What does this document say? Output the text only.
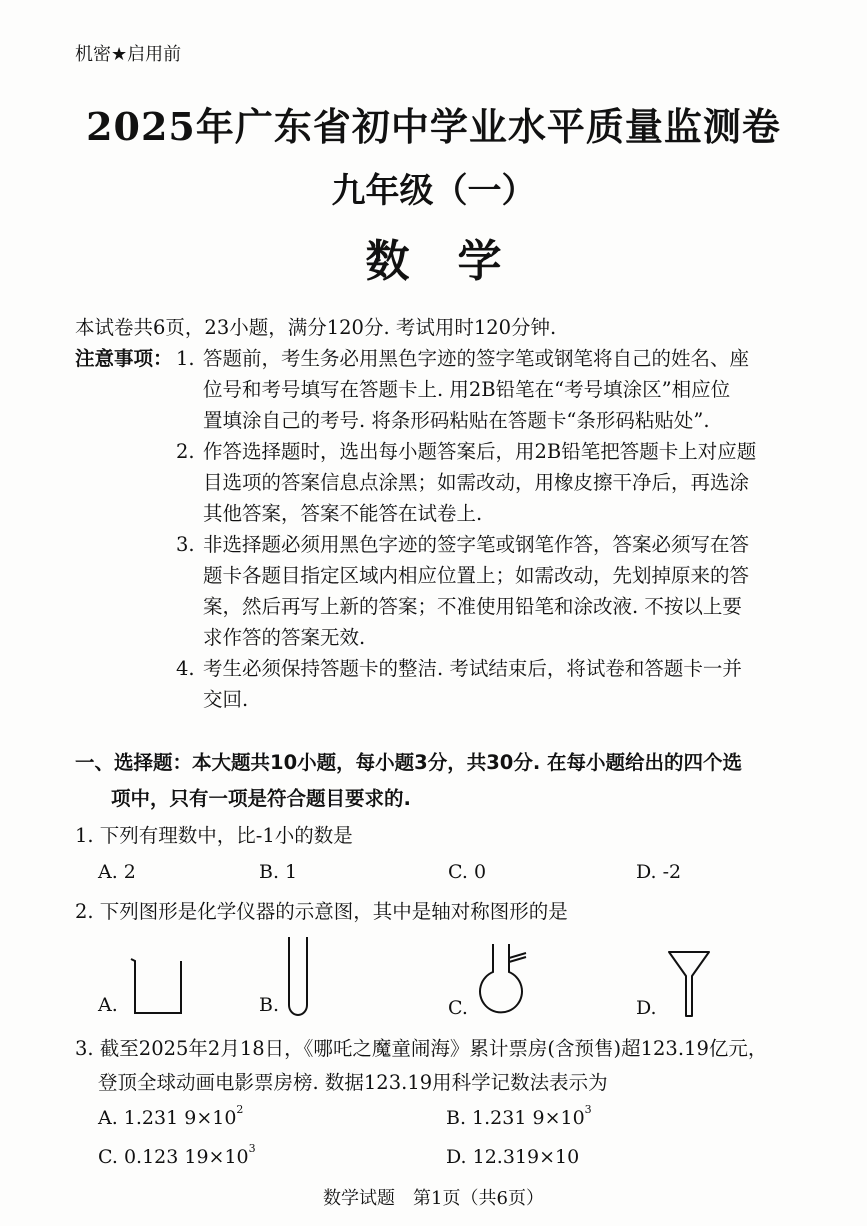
机密★启用前
2025年广东省初中学业水平质量监测卷
九年级（一）
数学
本试卷共6页，23小题，满分120分. 考试用时120分钟.
注意事项： 1. 答题前，考生务必用黑色字迹的签字笔或钢笔将自己的姓名、座
位号和考号填写在答题卡上. 用2B铅笔在“考号填涂区”相应位
置填涂自己的考号. 将条形码粘贴在答题卡“条形码粘贴处”.
2. 作答选择题时，选出每小题答案后，用2B铅笔把答题卡上对应题
目选项的答案信息点涂黑；如需改动，用橡皮擦干净后，再选涂
其他答案，答案不能答在试卷上.
3. 非选择题必须用黑色字迹的签字笔或钢笔作答，答案必须写在答
题卡各题目指定区域内相应位置上；如需改动，先划掉原来的答
案，然后再写上新的答案；不准使用铅笔和涂改液. 不按以上要
求作答的答案无效.
4. 考生必须保持答题卡的整洁. 考试结束后，将试卷和答题卡一并
交回.
一、选择题：本大题共10小题，每小题3分，共30分. 在每小题给出的四个选
项中，只有一项是符合题目要求的.
1. 下列有理数中，比-1小的数是
A. 2	B. 1	C. 0	D. -2
2. 下列图形是化学仪器的示意图，其中是轴对称图形的是
A.	B.	C.	D.
3. 截至2025年2月18日，《哪吒之魔童闹海》累计票房(含预售)超123.19亿元，
登顶全球动画电影票房榜. 数据123.19用科学记数法表示为
A. 1.231 $9\times 10^2$	B. 1.231 $9\times 10^3$
C. 0.123 $19\times 10^3$	D. 12.319×10
数学试题　第1页（共6页）
